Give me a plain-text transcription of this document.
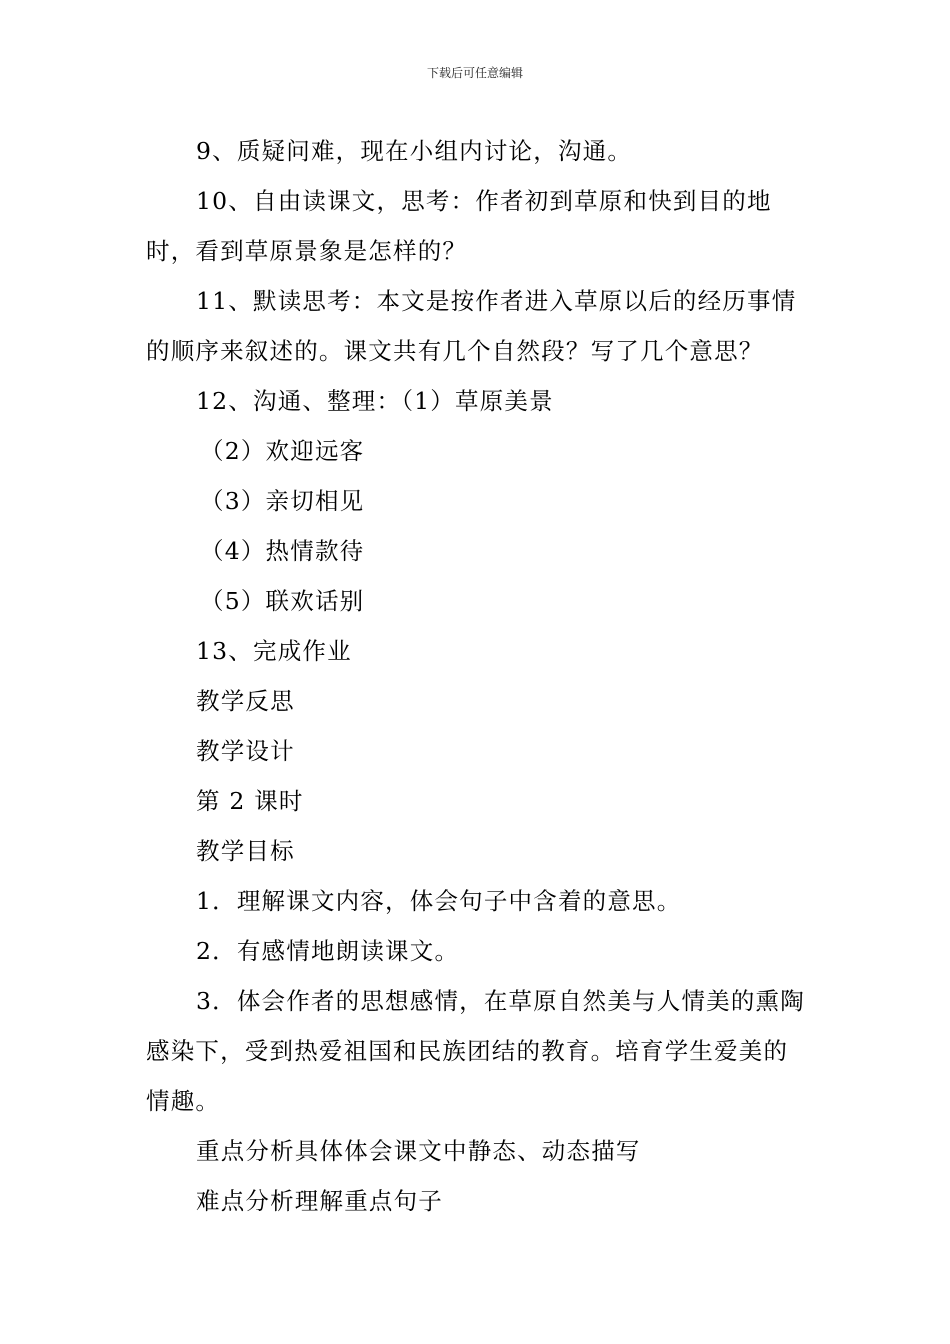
下载后可任意编辑

9、质疑问难，现在小组内讨论，沟通。

10、自由读课文，思考：作者初到草原和快到目的地时，看到草原景象是怎样的？

11、默读思考：本文是按作者进入草原以后的经历事情的顺序来叙述的。课文共有几个自然段？写了几个意思？

12、沟通、整理：（1）草原美景

（2）欢迎远客

（3）亲切相见

（4）热情款待

（5）联欢话别

13、完成作业

教学反思

教学设计

第 2 课时

教学目标

1．理解课文内容，体会句子中含着的意思。

2．有感情地朗读课文。

3．体会作者的思想感情，在草原自然美与人情美的熏陶感染下，受到热爱祖国和民族团结的教育。培育学生爱美的情趣。

重点分析具体体会课文中静态、动态描写

难点分析理解重点句子
